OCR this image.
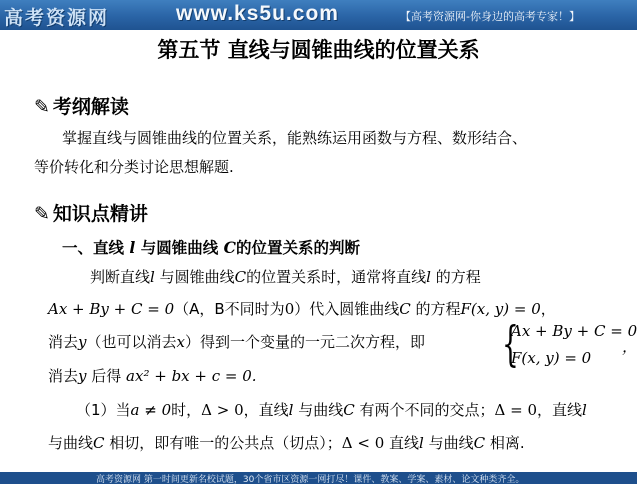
高考资源网	www.ks5u.com	【高考资源网-你身边的高考专家！】
第五节 直线与圆锥曲线的位置关系
✎ 考纲解读
掌握直线与圆锥曲线的位置关系，能熟练运用函数与方程、数形结合、
等价转化和分类讨论思想解题.
✎ 知识点精讲
一、直线 l 与圆锥曲线 C的位置关系的判断
判断直线l 与圆锥曲线C的位置关系时，通常将直线l 的方程
Ax + By + C = 0（A，B不同时为0）代入圆锥曲线C 的方程F(x, y) = 0，
消去y（也可以消去x）得到一个变量的一元二次方程，即 {
Ax + By + C = 0
F(x, y) = 0
，
消去y 后得 ax² + bx + c = 0.
（1）当a ≠ 0时，Δ > 0，直线l 与曲线C 有两个不同的交点；Δ = 0，直线l
与曲线C 相切，即有唯一的公共点（切点）；Δ < 0 直线l 与曲线C 相离.
高考资源网 第一时间更新名校试题，30个省市区资源一网打尽！课件、教案、学案、素材、论文种类齐全。
